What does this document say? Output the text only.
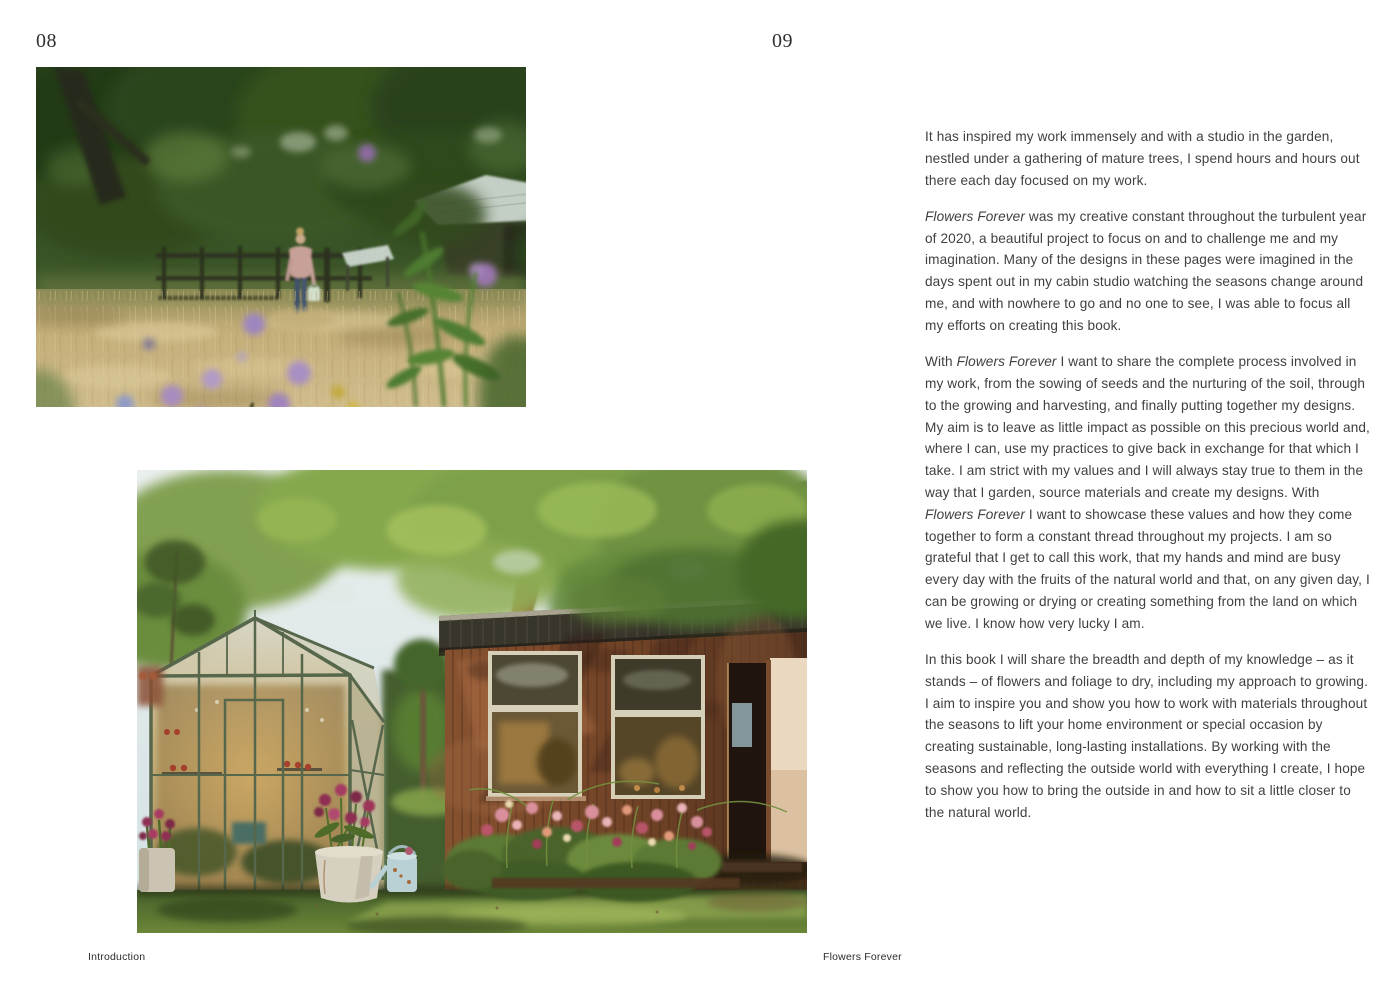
08	09

It has inspired my work immensely and with a studio in the garden, nestled under a gathering of mature trees, I spend hours and hours out there each day focused on my work.

Flowers Forever was my creative constant throughout the turbulent year of 2020, a beautiful project to focus on and to challenge me and my imagination. Many of the designs in these pages were imagined in the days spent out in my cabin studio watching the seasons change around me, and with nowhere to go and no one to see, I was able to focus all my efforts on creating this book.

With Flowers Forever I want to share the complete process involved in my work, from the sowing of seeds and the nurturing of the soil, through to the growing and harvesting, and finally putting together my designs. My aim is to leave as little impact as possible on this precious world and, where I can, use my practices to give back in exchange for that which I take. I am strict with my values and I will always stay true to them in the way that I garden, source materials and create my designs. With Flowers Forever I want to showcase these values and how they come together to form a constant thread throughout my projects. I am so grateful that I get to call this work, that my hands and mind are busy every day with the fruits of the natural world and that, on any given day, I can be growing or drying or creating something from the land on which we live. I know how very lucky I am.

In this book I will share the breadth and depth of my knowledge – as it stands – of flowers and foliage to dry, including my approach to growing. I aim to inspire you and show you how to work with materials throughout the seasons to lift your home environment or special occasion by creating sustainable, long-lasting installations. By working with the seasons and reflecting the outside world with everything I create, I hope to show you how to bring the outside in and how to sit a little closer to the natural world.

Introduction	Flowers Forever
